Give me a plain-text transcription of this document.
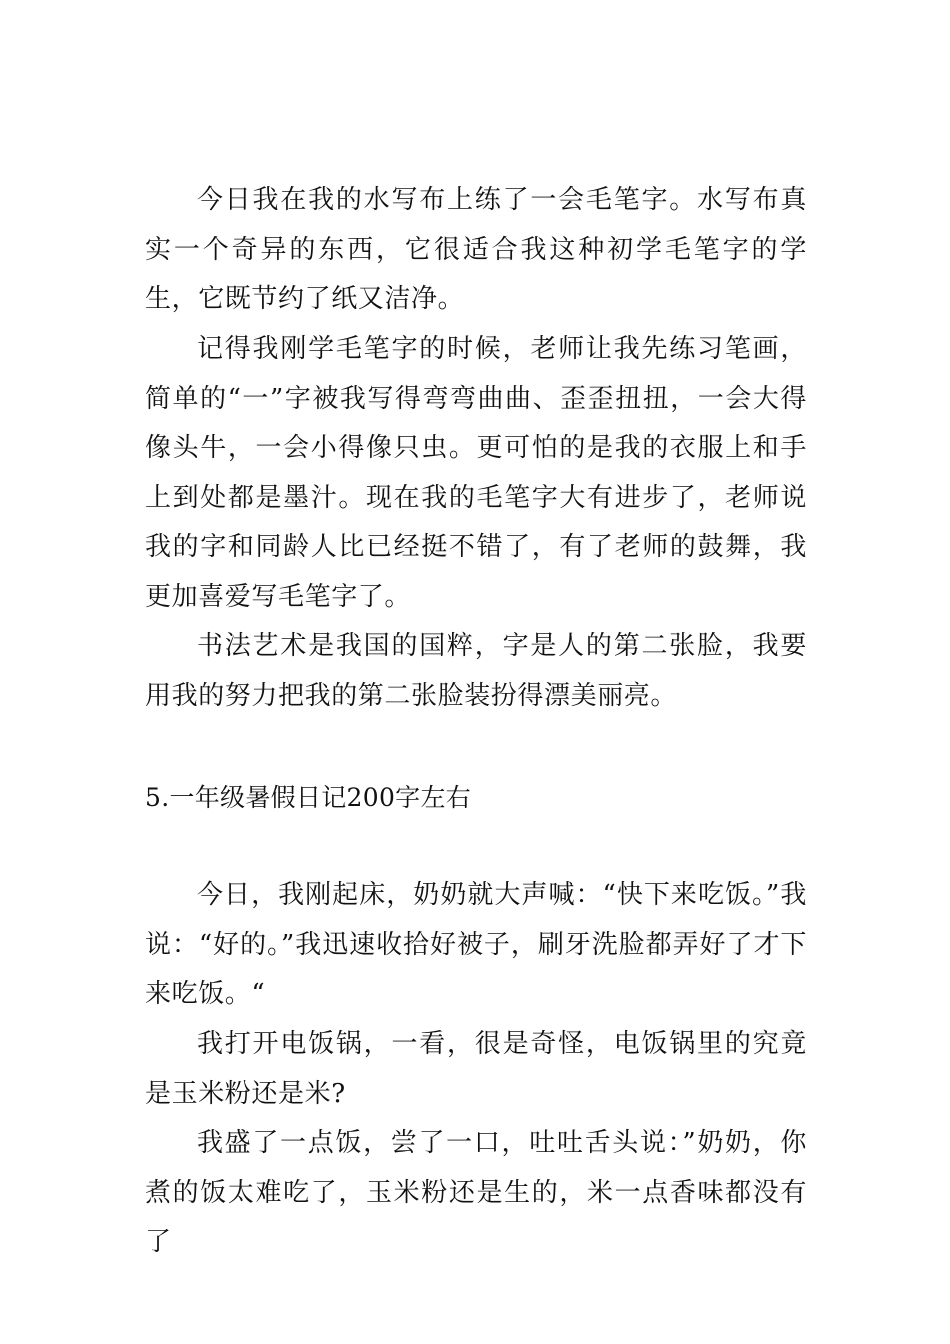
今日我在我的水写布上练了一会毛笔字。水写布真实一个奇异的东西，它很适合我这种初学毛笔字的学生，它既节约了纸又洁净。

记得我刚学毛笔字的时候，老师让我先练习笔画，简单的“一”字被我写得弯弯曲曲、歪歪扭扭，一会大得像头牛，一会小得像只虫。更可怕的是我的衣服上和手上到处都是墨汁。现在我的毛笔字大有进步了，老师说我的字和同龄人比已经挺不错了，有了老师的鼓舞，我更加喜爱写毛笔字了。

书法艺术是我国的国粹，字是人的第二张脸，我要用我的努力把我的第二张脸装扮得漂美丽亮。

5.一年级暑假日记200字左右

今日，我刚起床，奶奶就大声喊：“快下来吃饭。”我说：“好的。”我迅速收拾好被子，刷牙洗脸都弄好了才下来吃饭。“

我打开电饭锅，一看，很是奇怪，电饭锅里的究竟是玉米粉还是米?

我盛了一点饭，尝了一口，吐吐舌头说：”奶奶，你煮的饭太难吃了，玉米粉还是生的，米一点香味都没有了
